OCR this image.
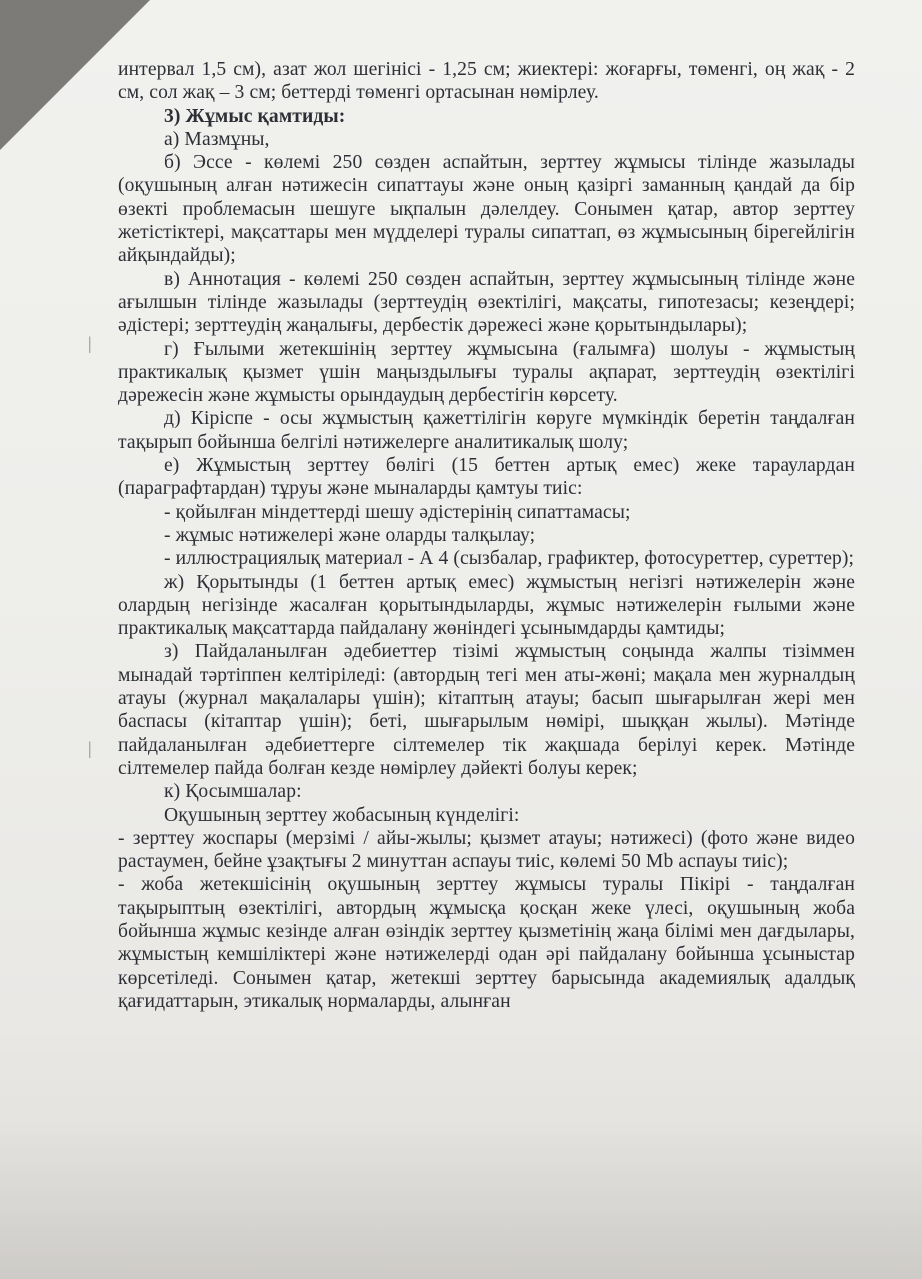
|
|

интервал 1,5 см), азат жол шегінісі - 1,25 см; жиектері: жоғарғы, төменгі, оң жақ - 2 см, сол жақ – 3 см; беттерді төменгі ортасынан нөмірлеу.

3) Жұмыс қамтиды:

а) Мазмұны,

б) Эссе - көлемі 250 сөзден аспайтын, зерттеу жұмысы тілінде жазылады (оқушының алған нәтижесін сипаттауы және оның қазіргі заманның қандай да бір өзекті проблемасын шешуге ықпалын дәлелдеу. Сонымен қатар, автор зерттеу жетістіктері, мақсаттары мен мүдделері туралы сипаттап, өз жұмысының бірегейлігін айқындайды);

в) Аннотация - көлемі 250 сөзден аспайтын, зерттеу жұмысының тілінде және ағылшын тілінде жазылады (зерттеудің өзектілігі, мақсаты, гипотезасы; кезеңдері; әдістері; зерттеудің жаңалығы, дербестік дәрежесі және қорытындылары);

г) Ғылыми жетекшінің зерттеу жұмысына (ғалымға) шолуы - жұмыстың практикалық қызмет үшін маңыздылығы туралы ақпарат, зерттеудің өзектілігі дәрежесін және жұмысты орындаудың дербестігін көрсету.

д) Кіріспе - осы жұмыстың қажеттілігін көруге мүмкіндік беретін таңдалған тақырып бойынша белгілі нәтижелерге аналитикалық шолу;

е) Жұмыстың зерттеу бөлігі (15 беттен артық емес) жеке тараулардан (параграфтардан) тұруы және мыналарды қамтуы тиіс:

- қойылған міндеттерді шешу әдістерінің сипаттамасы;

- жұмыс нәтижелері және оларды талқылау;

- иллюстрациялық материал - А 4 (сызбалар, графиктер, фотосуреттер, суреттер);

ж) Қорытынды (1 беттен артық емес) жұмыстың негізгі нәтижелерін және олардың негізінде жасалған қорытындыларды, жұмыс нәтижелерін ғылыми және практикалық мақсаттарда пайдалану жөніндегі ұсынымдарды қамтиды;

з) Пайдаланылған әдебиеттер тізімі жұмыстың соңында жалпы тізіммен мынадай тәртіппен келтіріледі: (автордың тегі мен аты-жөні; мақала мен журналдың атауы (журнал мақалалары үшін); кітаптың атауы; басып шығарылған жері мен баспасы (кітаптар үшін); беті, шығарылым нөмірі, шыққан жылы). Мәтінде пайдаланылған әдебиеттерге сілтемелер тік жақшада берілуі керек. Мәтінде сілтемелер пайда болған кезде нөмірлеу дәйекті болуы керек;

к) Қосымшалар:

Оқушының зерттеу жобасының күнделігі:

- зерттеу жоспары (мерзімі / айы-жылы; қызмет атауы; нәтижесі) (фото және видео растаумен, бейне ұзақтығы 2 минуттан аспауы тиіс, көлемі 50 Mb аспауы тиіс);

- жоба жетекшісінің оқушының зерттеу жұмысы туралы Пікірі - таңдалған тақырыптың өзектілігі, автордың жұмысқа қосқан жеке үлесі, оқушының жоба бойынша жұмыс кезінде алған өзіндік зерттеу қызметінің жаңа білімі мен дағдылары, жұмыстың кемшіліктері және нәтижелерді одан әрі пайдалану бойынша ұсыныстар көрсетіледі. Сонымен қатар, жетекші зерттеу барысында академиялық адалдық қағидаттарын, этикалық нормаларды, алынған
